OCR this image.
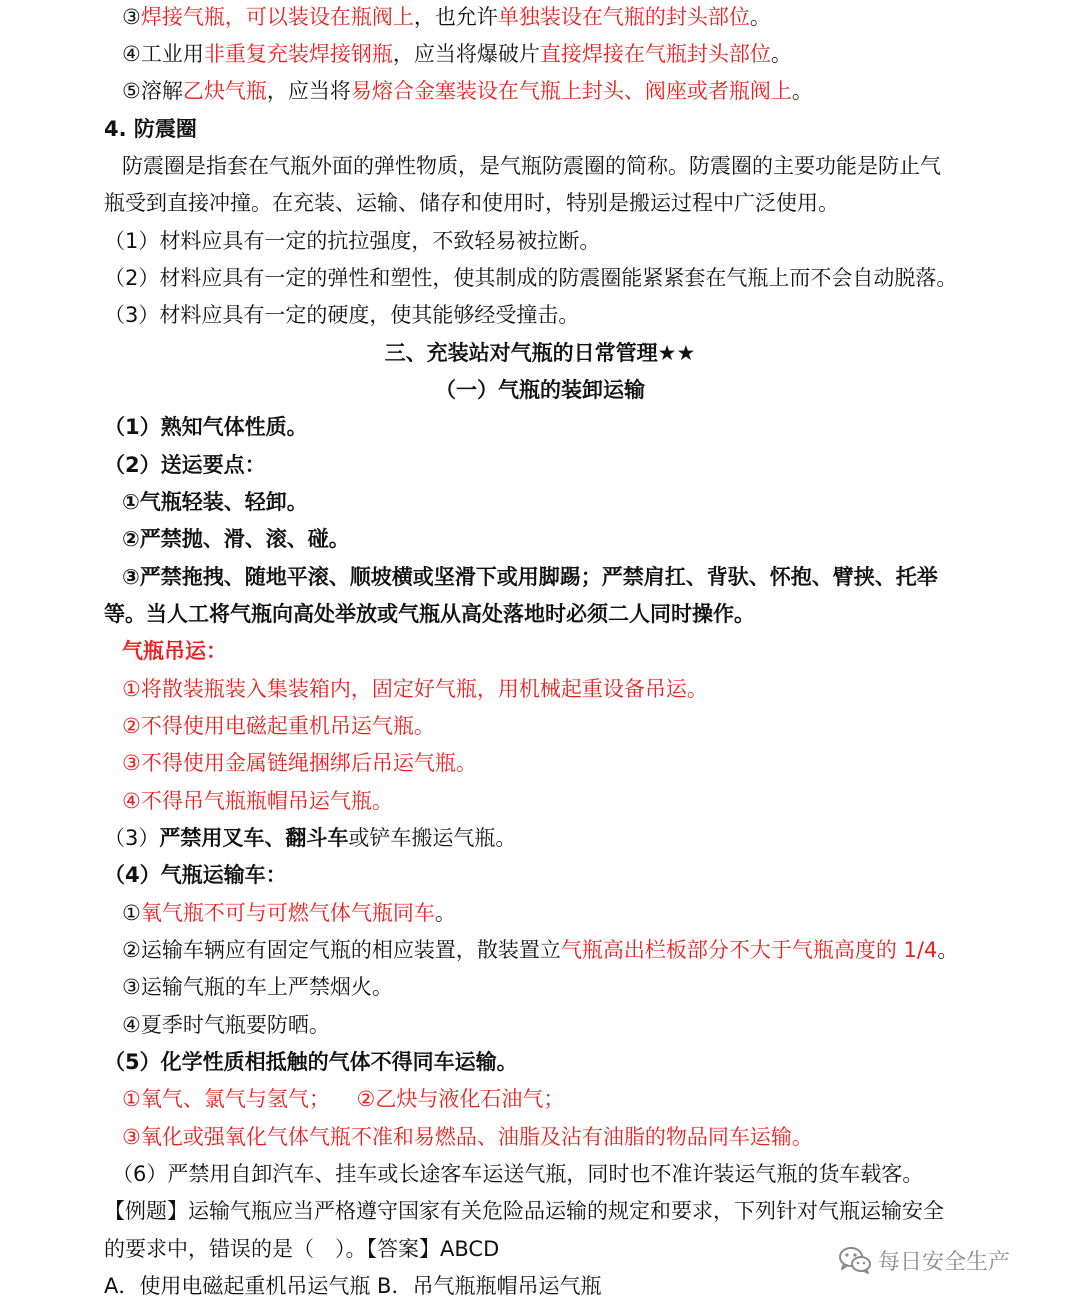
③焊接气瓶，可以装设在瓶阀上，也允许单独装设在气瓶的封头部位。
④工业用非重复充装焊接钢瓶，应当将爆破片直接焊接在气瓶封头部位。
⑤溶解乙炔气瓶，应当将易熔合金塞装设在气瓶上封头、阀座或者瓶阀上。
4. 防震圈
防震圈是指套在气瓶外面的弹性物质，是气瓶防震圈的简称。防震圈的主要功能是防止气
瓶受到直接冲撞。在充装、运输、储存和使用时，特别是搬运过程中广泛使用。
（1）材料应具有一定的抗拉强度，不致轻易被拉断。
（2）材料应具有一定的弹性和塑性，使其制成的防震圈能紧紧套在气瓶上而不会自动脱落。
（3）材料应具有一定的硬度，使其能够经受撞击。
三、充装站对气瓶的日常管理★★
（一）气瓶的装卸运输
（1）熟知气体性质。
（2）送运要点：
①气瓶轻装、轻卸。
②严禁抛、滑、滚、碰。
③严禁拖拽、随地平滚、顺坡横或坚滑下或用脚踢；严禁肩扛、背驮、怀抱、臂挟、托举
等。当人工将气瓶向高处举放或气瓶从高处落地时必须二人同时操作。
气瓶吊运：
①将散装瓶装入集装箱内，固定好气瓶，用机械起重设备吊运。
②不得使用电磁起重机吊运气瓶。
③不得使用金属链绳捆绑后吊运气瓶。
④不得吊气瓶瓶帽吊运气瓶。
（3）严禁用叉车、翻斗车或铲车搬运气瓶。
（4）气瓶运输车：
①氧气瓶不可与可燃气体气瓶同车。
②运输车辆应有固定气瓶的相应装置，散装置立气瓶高出栏板部分不大于气瓶高度的 1/4。
③运输气瓶的车上严禁烟火。
④夏季时气瓶要防晒。
（5）化学性质相抵触的气体不得同车运输。
①氧气、氯气与氢气；    ②乙炔与液化石油气；
③氧化或强氧化气体气瓶不准和易燃品、油脂及沾有油脂的物品同车运输。
（6）严禁用自卸汽车、挂车或长途客车运送气瓶，同时也不准许装运气瓶的货车载客。
【例题】运输气瓶应当严格遵守国家有关危险品运输的规定和要求，下列针对气瓶运输安全
的要求中，错误的是（　）。【答案】ABCD
A．使用电磁起重机吊运气瓶 B．吊气瓶瓶帽吊运气瓶
每日安全生产
